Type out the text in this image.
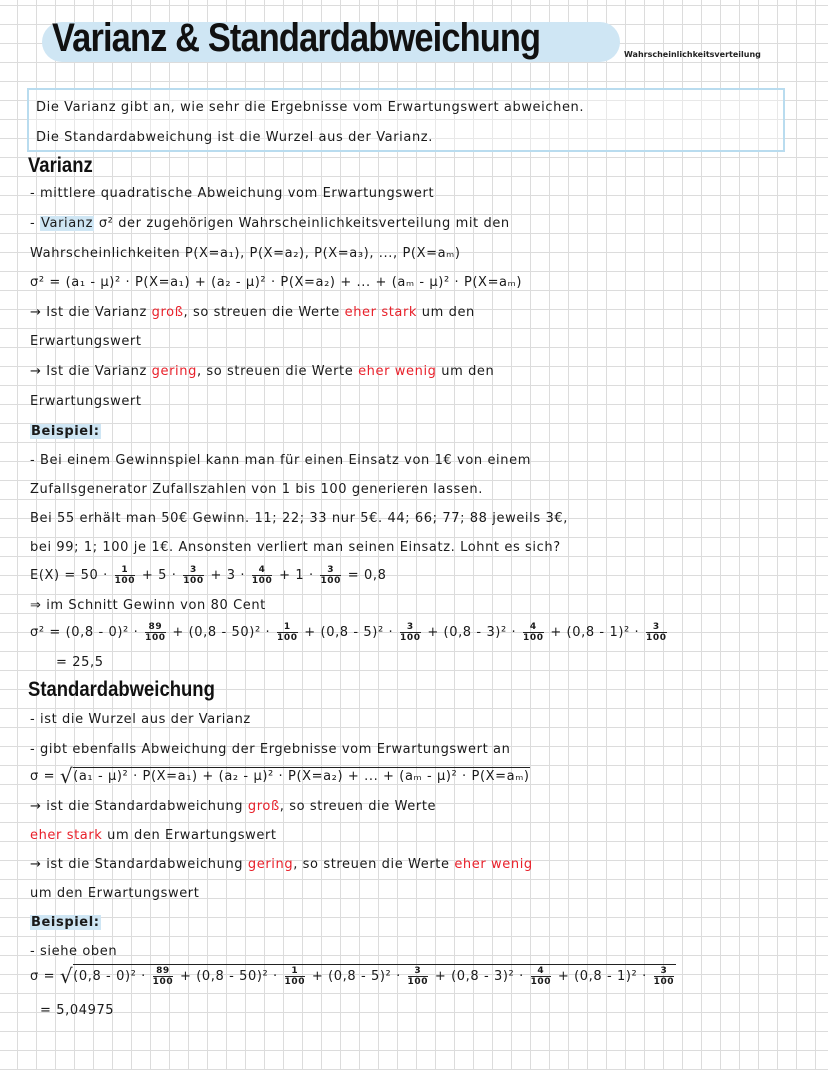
Varianz & Standardabweichung	Wahrscheinlichkeitsverteilung
Die Varianz gibt an, wie sehr die Ergebnisse vom Erwartungswert abweichen.
Die Standardabweichung ist die Wurzel aus der Varianz.
Varianz
- mittlere quadratische Abweichung vom Erwartungswert
- Varianz σ² der zugehörigen Wahrscheinlichkeitsverteilung mit den
Wahrscheinlichkeiten P(X=a₁), P(X=a₂), P(X=a₃), ..., P(X=aₘ)
σ² = (a₁ - μ)² · P(X=a₁) + (a₂ - μ)² · P(X=a₂) + ... + (aₘ - μ)² · P(X=aₘ)
→ Ist die Varianz groß, so streuen die Werte eher stark um den
Erwartungswert
→ Ist die Varianz gering, so streuen die Werte eher wenig um den
Erwartungswert
Beispiel:
- Bei einem Gewinnspiel kann man für einen Einsatz von 1€ von einem
Zufallsgenerator Zufallszahlen von 1 bis 100 generieren lassen.
Bei 55 erhält man 50€ Gewinn. 11; 22; 33 nur 5€. 44; 66; 77; 88 jeweils 3€,
bei 99; 1; 100 je 1€. Ansonsten verliert man seinen Einsatz. Lohnt es sich?
$E(X) = 50 \cdot \frac{1}{100} + 5 \cdot \frac{3}{100} + 3 \cdot \frac{4}{100} + 1 \cdot \frac{3}{100} = 0,8$
⇒ im Schnitt Gewinn von 80 Cent
$\sigma^2 = (0,8 - 0)^2 \cdot \frac{89}{100} + (0,8 - 50)^2 \cdot \frac{1}{100} + (0,8 - 5)^2 \cdot \frac{3}{100} + (0,8 - 3)^2 \cdot \frac{4}{100} + (0,8 - 1)^2 \cdot \frac{3}{100}$
= 25,5
Standardabweichung
- ist die Wurzel aus der Varianz
- gibt ebenfalls Abweichung der Ergebnisse vom Erwartungswert an
σ = √(a₁ - μ)² · P(X=a₁) + (a₂ - μ)² · P(X=a₂) + ... + (aₘ - μ)² · P(X=aₘ)
→ ist die Standardabweichung groß, so streuen die Werte
eher stark um den Erwartungswert
→ ist die Standardabweichung gering, so streuen die Werte eher wenig
um den Erwartungswert
Beispiel:
- siehe oben
$\sigma = √(0,8 - 0)^2 \cdot \frac{89}{100} + (0,8 - 50)^2 \cdot \frac{1}{100} + (0,8 - 5)^2 \cdot \frac{3}{100} + (0,8 - 3)^2 \cdot \frac{4}{100} + (0,8 - 1)^2 \cdot \frac{3}{100}$
= 5,04975
